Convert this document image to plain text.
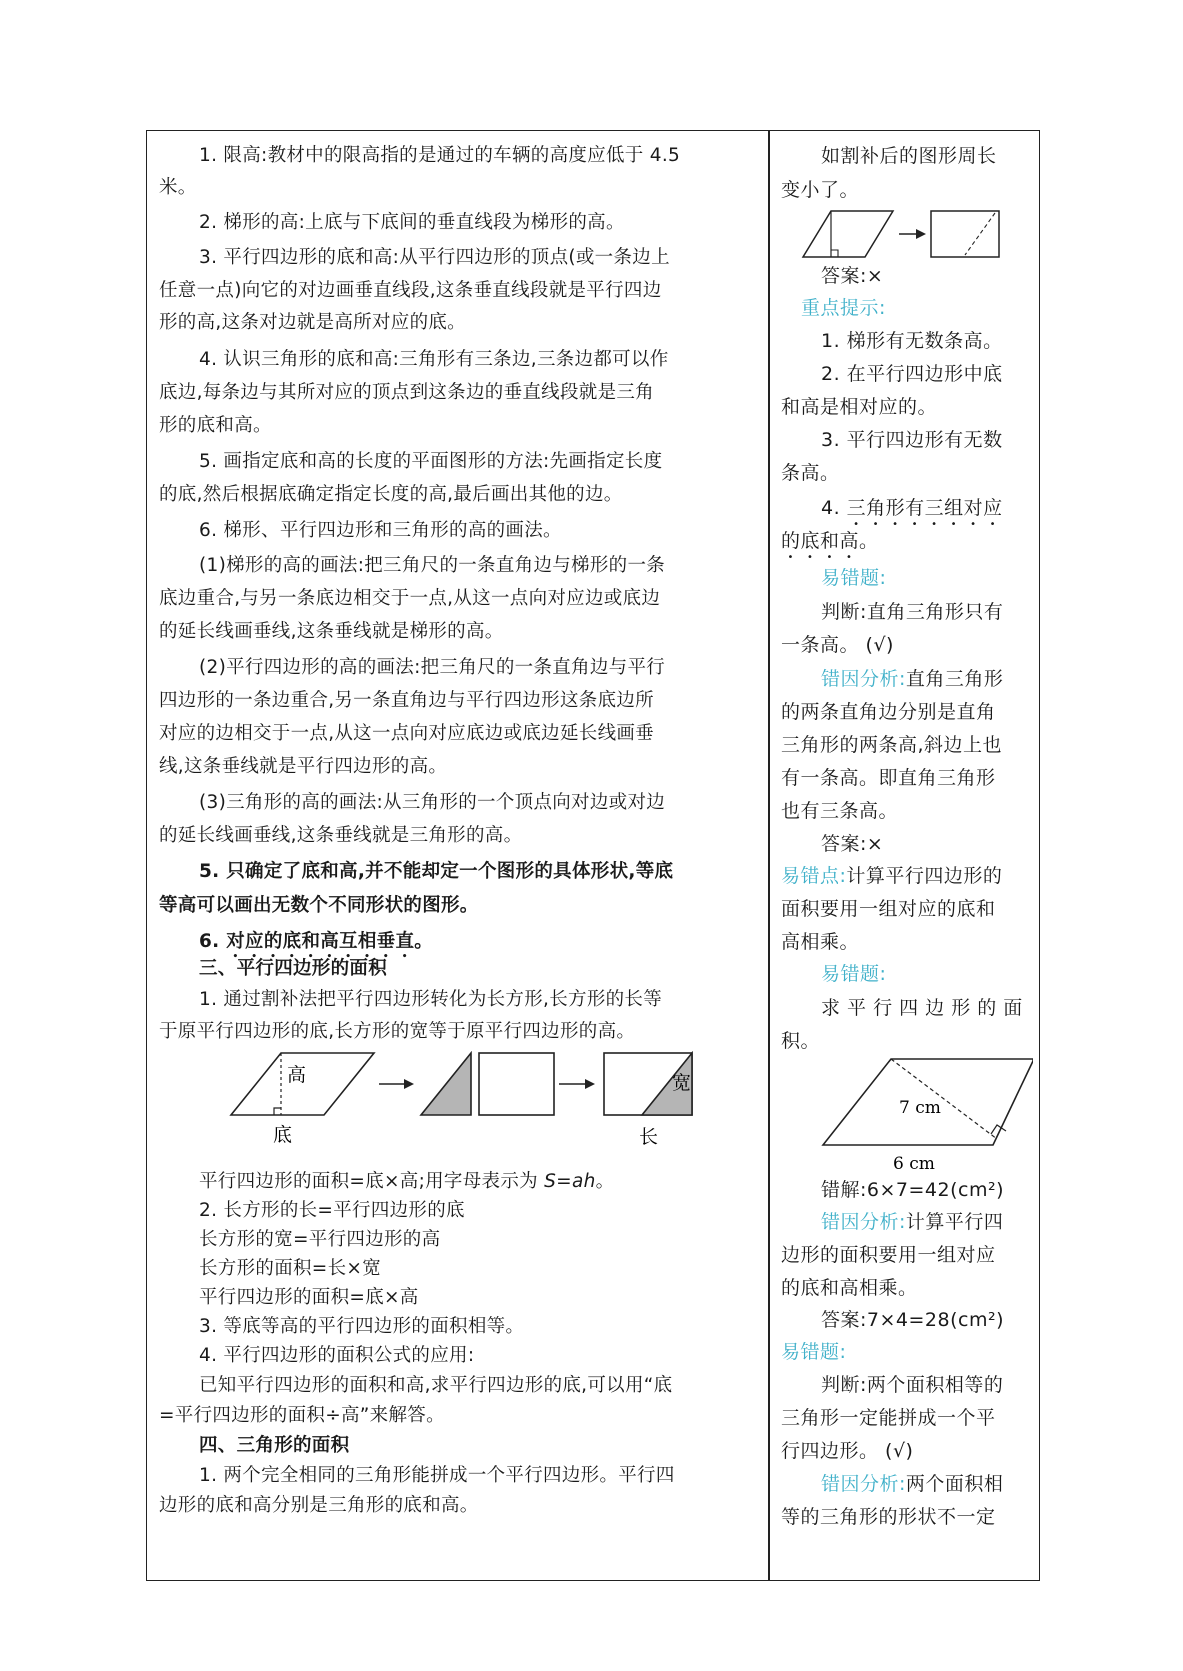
1. 限高:教材中的限高指的是通过的车辆的高度应低于 4.5
米。
2. 梯形的高:上底与下底间的垂直线段为梯形的高。
3. 平行四边形的底和高:从平行四边形的顶点(或一条边上
任意一点)向它的对边画垂直线段,这条垂直线段就是平行四边
形的高,这条对边就是高所对应的底。
4. 认识三角形的底和高:三角形有三条边,三条边都可以作
底边,每条边与其所对应的顶点到这条边的垂直线段就是三角
形的底和高。
5. 画指定底和高的长度的平面图形的方法:先画指定长度
的底,然后根据底确定指定长度的高,最后画出其他的边。
6. 梯形、平行四边形和三角形的高的画法。
(1)梯形的高的画法:把三角尺的一条直角边与梯形的一条
底边重合,与另一条底边相交于一点,从这一点向对应边或底边
的延长线画垂线,这条垂线就是梯形的高。
(2)平行四边形的高的画法:把三角尺的一条直角边与平行
四边形的一条边重合,另一条直角边与平行四边形这条底边所
对应的边相交于一点,从这一点向对应底边或底边延长线画垂
线,这条垂线就是平行四边形的高。
(3)三角形的高的画法:从三角形的一个顶点向对边或对边
的延长线画垂线,这条垂线就是三角形的高。
5. 只确定了底和高,并不能却定一个图形的具体形状,等底
等高可以画出无数个不同形状的图形。
6. 对应的底和高互相垂直。
三、平行四边形的面积
1. 通过割补法把平行四边形转化为长方形,长方形的长等
于原平行四边形的底,长方形的宽等于原平行四边形的高。
高
底
宽
长
平行四边形的面积=底×高;用字母表示为 S=ah。
2. 长方形的长=平行四边形的底
长方形的宽=平行四边形的高
长方形的面积=长×宽
平行四边形的面积=底×高
3. 等底等高的平行四边形的面积相等。
4. 平行四边形的面积公式的应用:
已知平行四边形的面积和高,求平行四边形的底,可以用“底
=平行四边形的面积÷高”来解答。
四、三角形的面积
1. 两个完全相同的三角形能拼成一个平行四边形。平行四
边形的底和高分别是三角形的底和高。
如割补后的图形周长
变小了。
答案:×
重点提示:
1. 梯形有无数条高。
2. 在平行四边形中底
和高是相对应的。
3. 平行四边形有无数
条高。
4. 三角形有三组对应
的底和高。
易错题:
判断:直角三角形只有
一条高。 (√)
错因分析:直角三角形
的两条直角边分别是直角
三角形的两条高,斜边上也
有一条高。即直角三角形
也有三条高。
答案:×
易错点:计算平行四边形的
面积要用一组对应的底和
高相乘。
易错题:
求 平 行 四 边 形 的 面
积。
7 cm
6 cm
错解:6×7=42(cm²)
错因分析:计算平行四
边形的面积要用一组对应
的底和高相乘。
答案:7×4=28(cm²)
易错题:
判断:两个面积相等的
三角形一定能拼成一个平
行四边形。 (√)
错因分析:两个面积相
等的三角形的形状不一定
